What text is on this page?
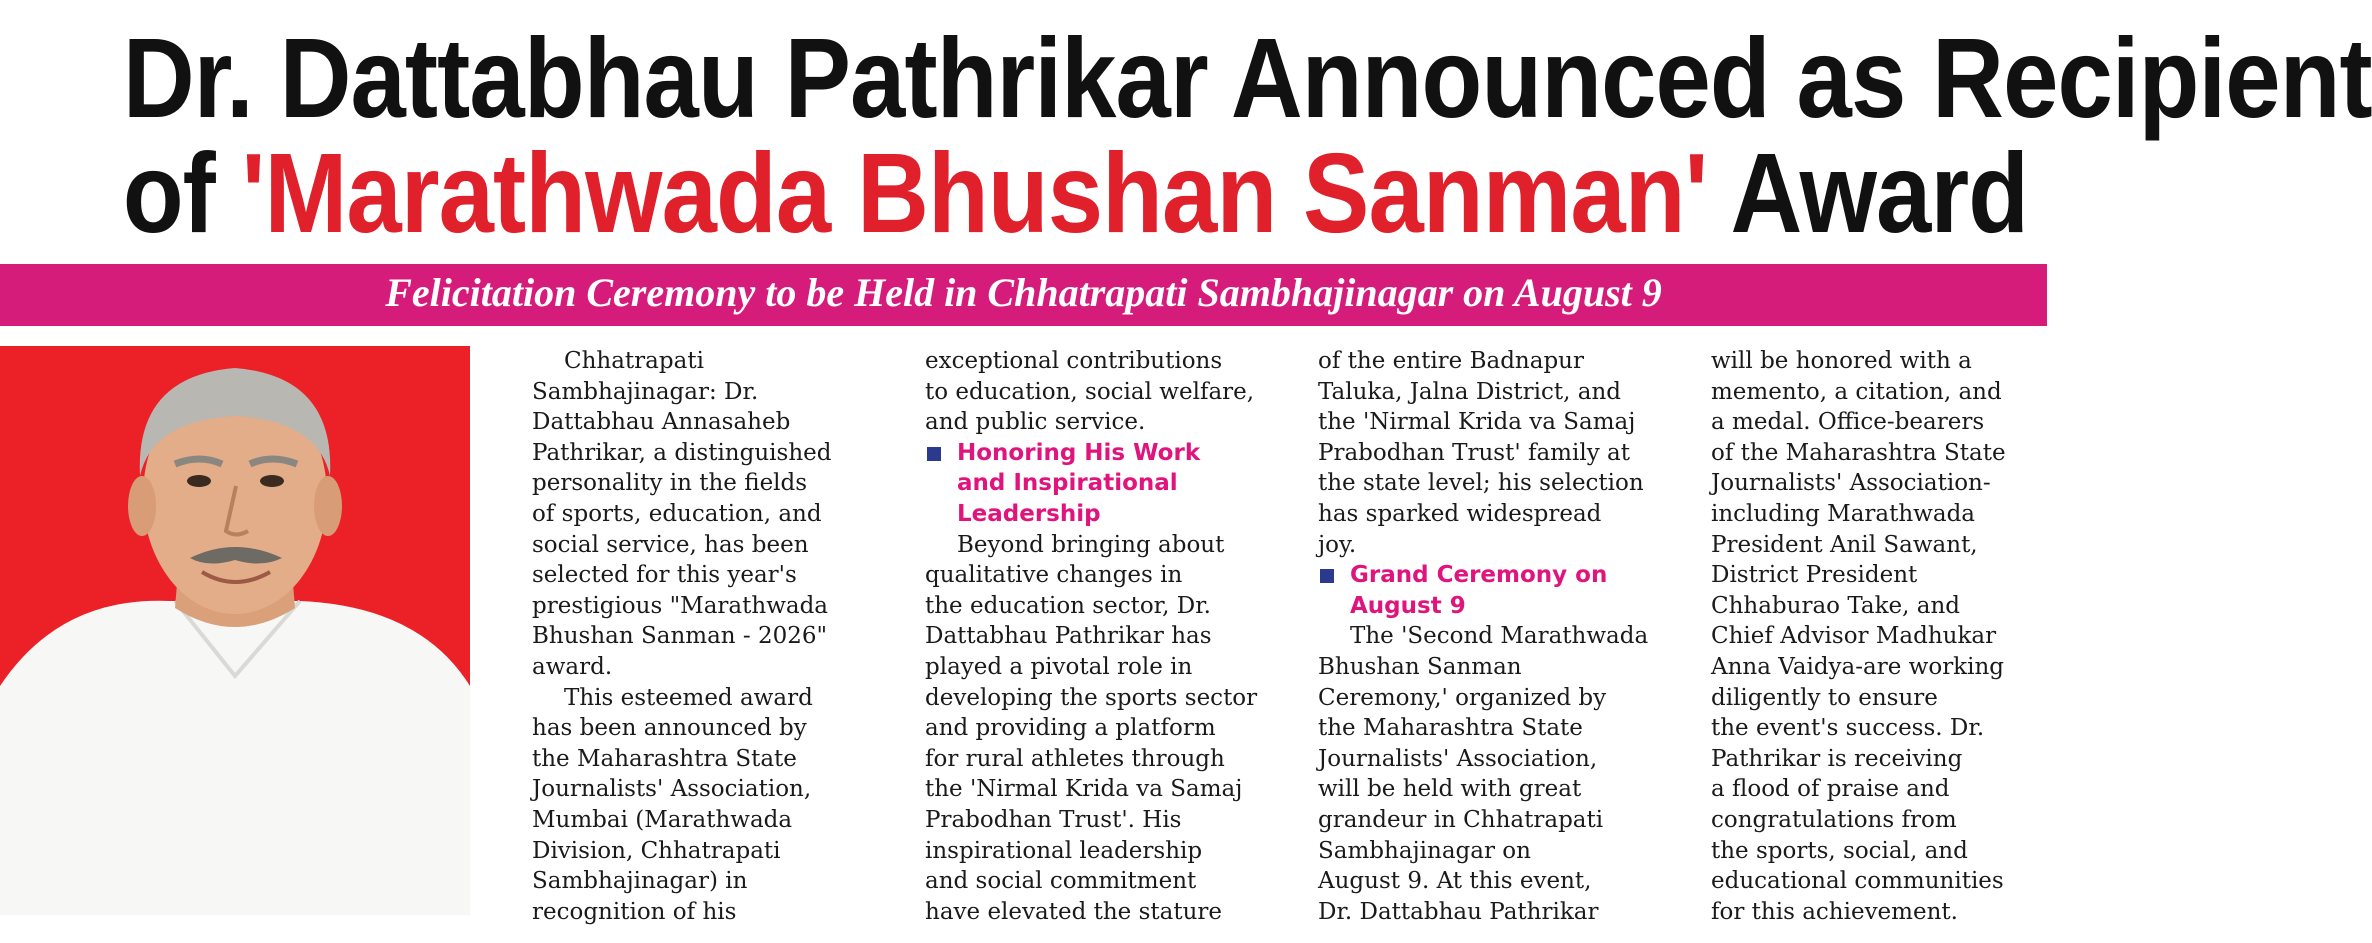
Dr. Dattabhau Pathrikar Announced as Recipient
of 'Marathwada Bhushan Sanman' Award
Felicitation Ceremony to be Held in Chhatrapati Sambhajinagar on August 9
Chhatrapati
Sambhajinagar: Dr.
Dattabhau Annasaheb
Pathrikar, a distinguished
personality in the fields
of sports, education, and
social service, has been
selected for this year's
prestigious "Marathwada
Bhushan Sanman - 2026"
award.
This esteemed award
has been announced by
the Maharashtra State
Journalists' Association,
Mumbai (Marathwada
Division, Chhatrapati
Sambhajinagar) in
recognition of his
exceptional contributions
to education, social welfare,
and public service.
Honoring His Work
and Inspirational
Leadership
Beyond bringing about
qualitative changes in
the education sector, Dr.
Dattabhau Pathrikar has
played a pivotal role in
developing the sports sector
and providing a platform
for rural athletes through
the 'Nirmal Krida va Samaj
Prabodhan Trust'. His
inspirational leadership
and social commitment
have elevated the stature
of the entire Badnapur
Taluka, Jalna District, and
the 'Nirmal Krida va Samaj
Prabodhan Trust' family at
the state level; his selection
has sparked widespread
joy.
Grand Ceremony on
August 9
The 'Second Marathwada
Bhushan Sanman
Ceremony,' organized by
the Maharashtra State
Journalists' Association,
will be held with great
grandeur in Chhatrapati
Sambhajinagar on
August 9. At this event,
Dr. Dattabhau Pathrikar
will be honored with a
memento, a citation, and
a medal. Office-bearers
of the Maharashtra State
Journalists' Association-
including Marathwada
President Anil Sawant,
District President
Chhaburao Take, and
Chief Advisor Madhukar
Anna Vaidya-are working
diligently to ensure
the event's success. Dr.
Pathrikar is receiving
a flood of praise and
congratulations from
the sports, social, and
educational communities
for this achievement.
